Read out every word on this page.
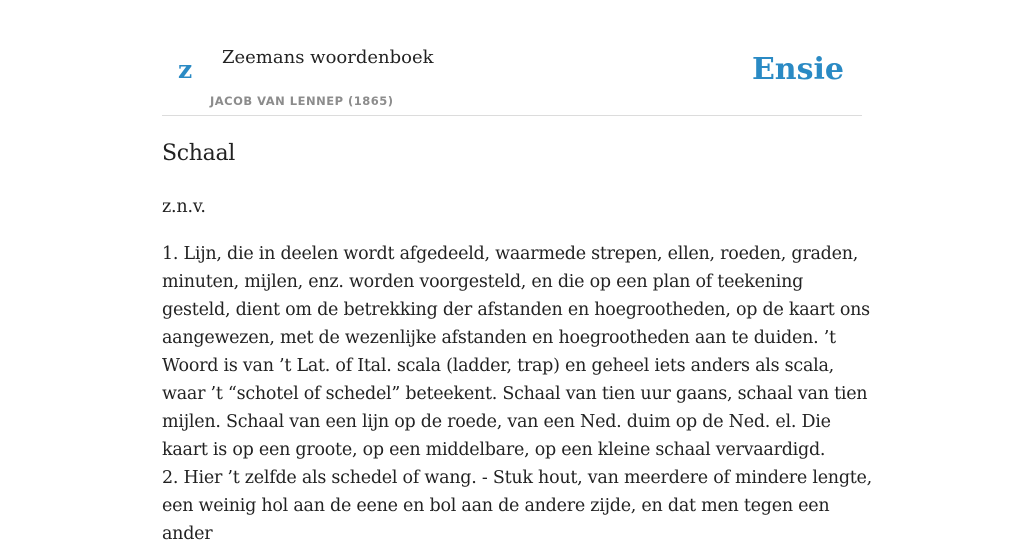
z Zeemans woordenboek
JACOB VAN LENNEP (1865)
Ensie
Schaal
z.n.v.

1. Lijn, die in deelen wordt afgedeeld, waarmede strepen, ellen, roeden, graden, minuten, mijlen, enz. worden voorgesteld, en die op een plan of teekening gesteld, dient om de betrekking der afstanden en hoegrootheden, op de kaart ons aangewezen, met de wezenlijke afstanden en hoegrootheden aan te duiden. ’t Woord is van ’t Lat. of Ital. scala (ladder, trap) en geheel iets anders als scala, waar ’t “schotel of schedel” beteekent. Schaal van tien uur gaans, schaal van tien mijlen. Schaal van een lijn op de roede, van een Ned. duim op de Ned. el. Die kaart is op een groote, op een middelbare, op een kleine schaal vervaardigd.

2. Hier ’t zelfde als schedel of wang. - Stuk hout, van meerdere of mindere lengte, een weinig hol aan de eene en bol aan de andere zijde, en dat men tegen een ander
